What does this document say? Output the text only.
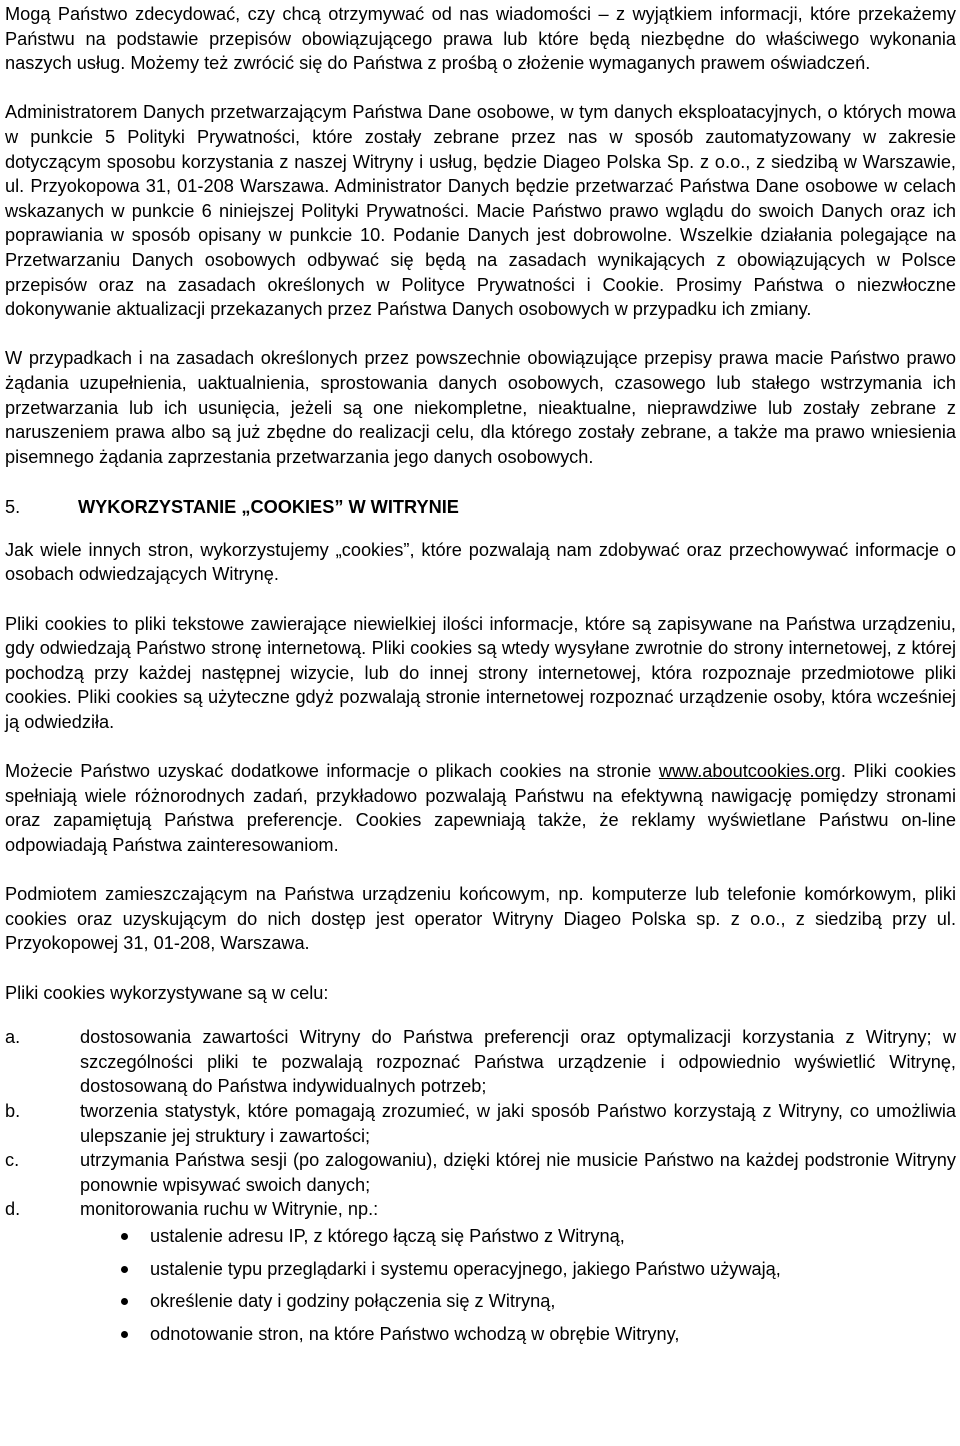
Mogą Państwo zdecydować, czy chcą otrzymywać od nas wiadomości – z wyjątkiem informacji, które przekażemy Państwu na podstawie przepisów obowiązującego prawa lub które będą niezbędne do właściwego wykonania naszych usług. Możemy też zwrócić się do Państwa z prośbą o złożenie wymaganych prawem oświadczeń.

Administratorem Danych przetwarzającym Państwa Dane osobowe, w tym danych eksploatacyjnych, o których mowa w punkcie 5 Polityki Prywatności, które zostały zebrane przez nas w sposób zautomatyzowany w zakresie dotyczącym sposobu korzystania z naszej Witryny i usług, będzie Diageo Polska Sp. z o.o., z siedzibą w Warszawie, ul. Przyokopowa 31, 01-208 Warszawa. Administrator Danych będzie przetwarzać Państwa Dane osobowe w celach wskazanych w punkcie 6 niniejszej Polityki Prywatności. Macie Państwo prawo wglądu do swoich Danych oraz ich poprawiania w sposób opisany w punkcie 10. Podanie Danych jest dobrowolne. Wszelkie działania polegające na Przetwarzaniu Danych osobowych odbywać się będą na zasadach wynikających z obowiązujących w Polsce przepisów oraz na zasadach określonych w Polityce Prywatności i Cookie. Prosimy Państwa o niezwłoczne dokonywanie aktualizacji przekazanych przez Państwa Danych osobowych w przypadku ich zmiany.

W przypadkach i na zasadach określonych przez powszechnie obowiązujące przepisy prawa macie Państwo prawo żądania uzupełnienia, uaktualnienia, sprostowania danych osobowych, czasowego lub stałego wstrzymania ich przetwarzania lub ich usunięcia, jeżeli są one niekompletne, nieaktualne, nieprawdziwe lub zostały zebrane z naruszeniem prawa albo są już zbędne do realizacji celu, dla którego zostały zebrane, a także ma prawo wniesienia pisemnego żądania zaprzestania przetwarzania jego danych osobowych.

5.	WYKORZYSTANIE „COOKIES” W WITRYNIE

Jak wiele innych stron, wykorzystujemy „cookies”, które pozwalają nam zdobywać oraz przechowywać informacje o osobach odwiedzających Witrynę.

Pliki cookies to pliki tekstowe zawierające niewielkiej ilości informacje, które są zapisywane na Państwa urządzeniu, gdy odwiedzają Państwo stronę internetową. Pliki cookies są wtedy wysyłane zwrotnie do strony internetowej, z której pochodzą przy każdej następnej wizycie, lub do innej strony internetowej, która rozpoznaje przedmiotowe pliki cookies. Pliki cookies są użyteczne gdyż pozwalają stronie internetowej rozpoznać urządzenie osoby, która wcześniej ją odwiedziła.

Możecie Państwo uzyskać dodatkowe informacje o plikach cookies na stronie www.aboutcookies.org. Pliki cookies spełniają wiele różnorodnych zadań, przykładowo pozwalają Państwu na efektywną nawigację pomiędzy stronami oraz zapamiętują Państwa preferencje. Cookies zapewniają także, że reklamy wyświetlane Państwu on-line odpowiadają Państwa zainteresowaniom.

Podmiotem zamieszczającym na Państwa urządzeniu końcowym, np. komputerze lub telefonie komórkowym, pliki cookies oraz uzyskującym do nich dostęp jest operator Witryny Diageo Polska sp. z o.o., z siedzibą przy ul. Przyokopowej 31, 01-208, Warszawa.

Pliki cookies wykorzystywane są w celu:

a.	dostosowania zawartości Witryny do Państwa preferencji oraz optymalizacji korzystania z Witryny; w szczególności pliki te pozwalają rozpoznać Państwa urządzenie i odpowiednio wyświetlić Witrynę, dostosowaną do Państwa indywidualnych potrzeb;
b.	tworzenia statystyk, które pomagają zrozumieć, w jaki sposób Państwo korzystają z Witryny, co umożliwia ulepszanie jej struktury i zawartości;
c.	utrzymania Państwa sesji (po zalogowaniu), dzięki której nie musicie Państwo na każdej podstronie Witryny ponownie wpisywać swoich danych;
d.	monitorowania ruchu w Witrynie, np.:
ustalenie adresu IP, z którego łączą się Państwo z Witryną,
ustalenie typu przeglądarki i systemu operacyjnego, jakiego Państwo używają,
określenie daty i godziny połączenia się z Witryną,
odnotowanie stron, na które Państwo wchodzą w obrębie Witryny,
